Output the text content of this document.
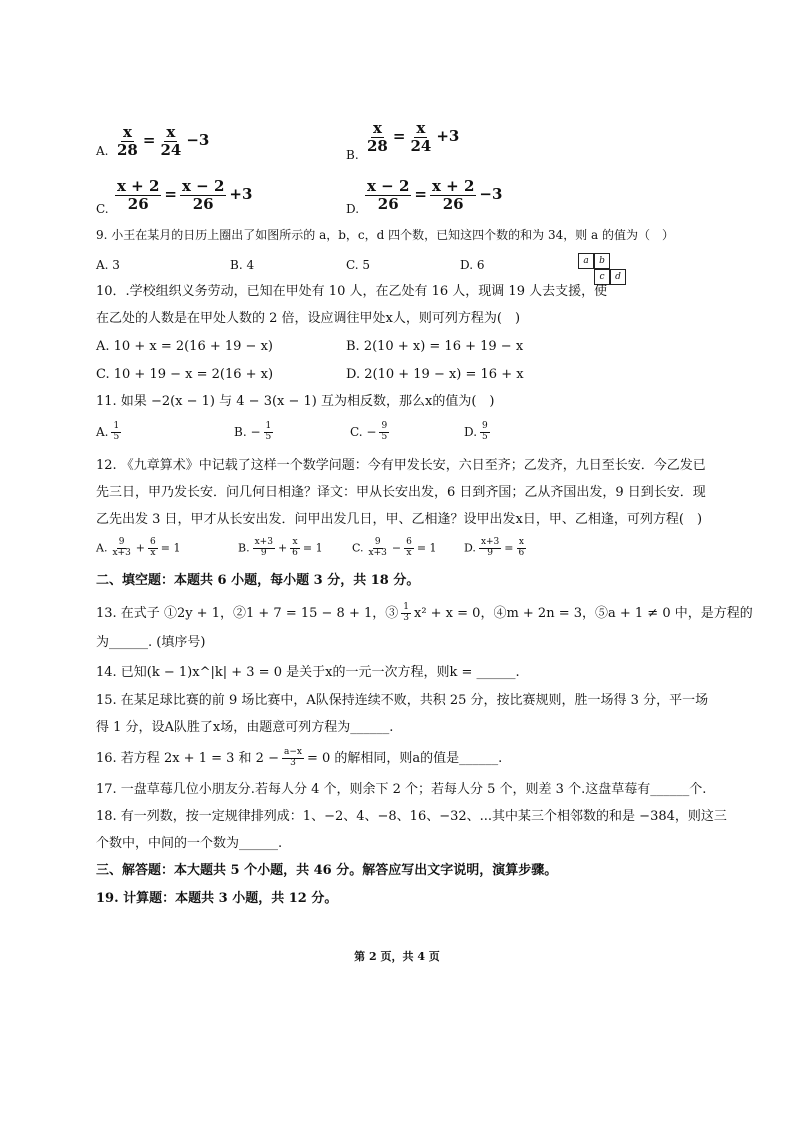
A. $\frac{x}{28} = \frac{x}{24} -3$
B.
$\frac{x}{28} = \frac{x}{24} +3$
C. $\frac{x + 2}{26} = \frac{x - 2}{26} +3$
D. $\frac{x - 2}{26} = \frac{x + 2}{26} -3$
9. 小王在某月的日历上圈出了如图所示的 a，b，c，d 四个数，已知这四个数的和为 34，则 a 的值为（　）
A. 3	B. 4	C. 5	D. 6	a	b
c	d
10．.学校组织义务劳动，已知在甲处有 10 人，在乙处有 16 人，现调 19 人去支援，使
在乙处的人数是在甲处人数的 2 倍，设应调往甲处x人，则可列方程为(　)
A. 10 + x = 2(16 + 19 − x)	B. 2(10 + x) = 16 + 19 − x
C. 10 + 19 − x = 2(16 + x)	D. 2(10 + 19 − x) = 16 + x
11. 如果 −2(x − 1) 与 4 − 3(x − 1) 互为相反数，那么x的值为(　)
A. $\frac{1}{5}$	B. − $\frac{1}{5}$	C. − $\frac{9}{5}$	D. $\frac{9}{5}$
12. 《九章算术》中记载了这样一个数学问题：今有甲发长安，六日至齐；乙发齐，九日至长安．今乙发已
先三日，甲乃发长安．问几何日相逢？译文：甲从长安出发，6 日到齐国；乙从齐国出发，9 日到长安．现
乙先出发 3 日，甲才从长安出发．问甲出发几日，甲、乙相逢？设甲出发x日，甲、乙相逢，可列方程(　)
A. $\frac{9}{x+3} + \frac{6}{x} = 1$	B. $\frac{x+3}{9} + \frac{x}{6} = 1$	C. $\frac{9}{x+3} - \frac{6}{x} = 1$ D. $\frac{x+3}{9} = \frac{x}{6}$
二、填空题：本题共 6 小题，每小题 3 分，共 18 分。
13. 在式子 ①2y + 1，②1 + 7 = 15 − 8 + 1，③ $\frac{1}{3} x^2 + x = 0$，④m + 2n = 3，⑤a + 1 ≠ 0 中，是方程的
为______. (填序号)
14. 已知(k − 1)x^|k| + 3 = 0 是关于x的一元一次方程，则k = ______.
15. 在某足球比赛的前 9 场比赛中，A队保持连续不败，共积 25 分，按比赛规则，胜一场得 3 分，平一场
得 1 分，设A队胜了x场，由题意可列方程为______.
16. 若方程 2x + 1 = 3 和 $2 - \frac{a-x}{3} = 0$ 的解相同，则a的值是______.
17. 一盘草莓几位小朋友分.若每人分 4 个，则余下 2 个；若每人分 5 个，则差 3 个.这盘草莓有______个.
18. 有一列数，按一定规律排列成：1、−2、4、−8、16、−32、...其中某三个相邻数的和是 −384，则这三
个数中，中间的一个数为______.
三、解答题：本大题共 5 个小题，共 46 分。解答应写出文字说明，演算步骤。
19. 计算题：本题共 3 小题，共 12 分。
第 2 页，共 4 页
